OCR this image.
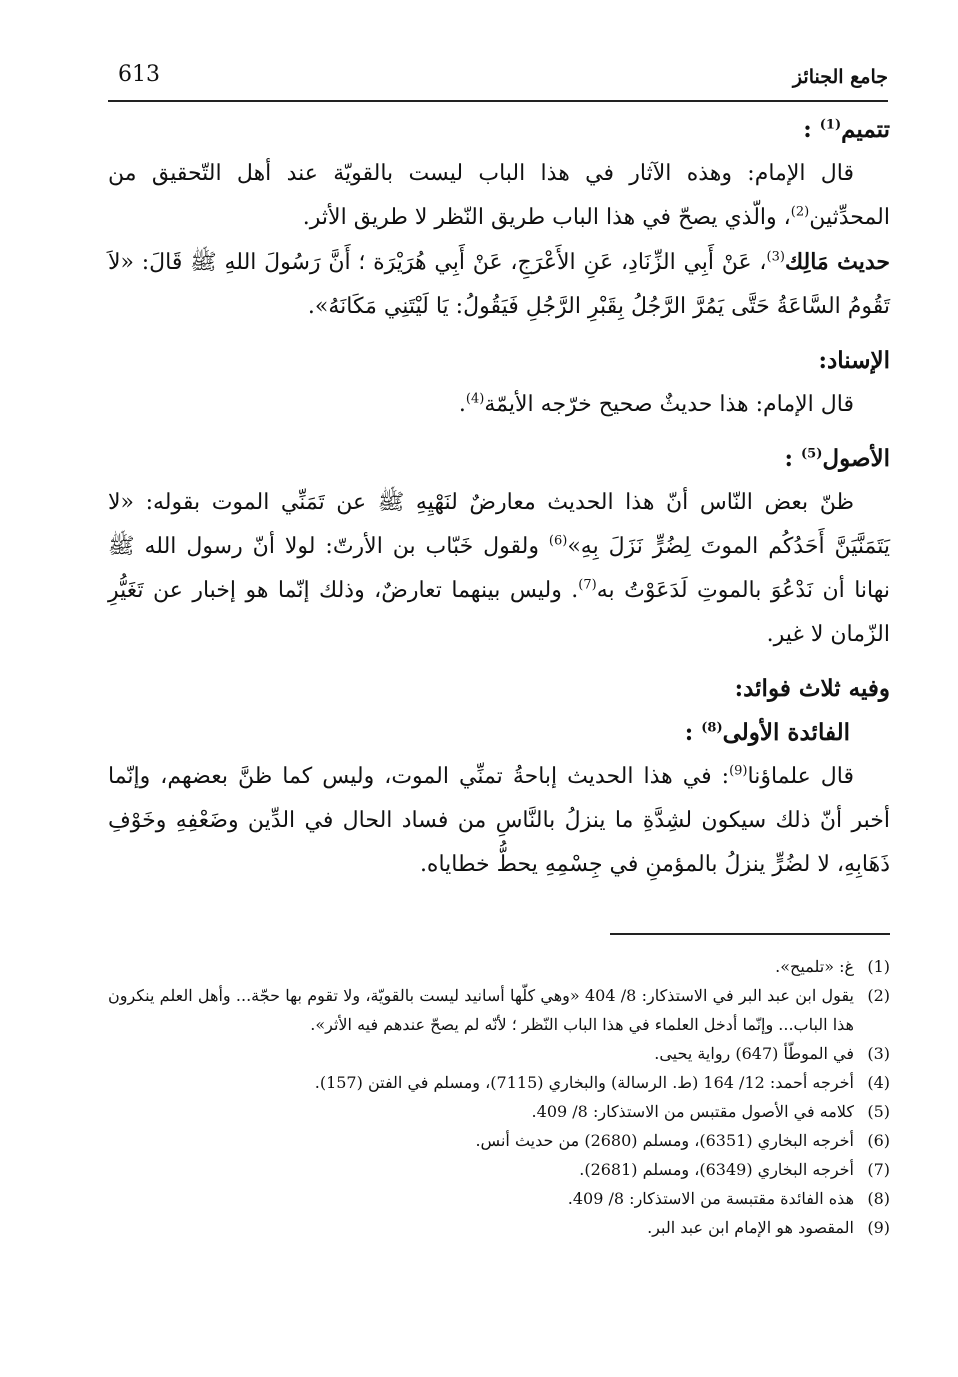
جامع الجنائز
613
تتميم$^{(1)}$ :

قال الإمام: وهذه الآثار في هذا الباب ليست بالقويّة عند أهل التّحقيق من المحدِّثين$^{(2)}$، والّذي يصحّ في هذا الباب طريق النّظر لا طريق الأثر.

حديث مَالِك$^{(3)}$، عَنْ أَبِي الزِّنَادِ، عَنِ الأَعْرَجِ، عَنْ أَبِي هُرَيْرَة ؛ أَنَّ رَسُولَ اللهِ ﷺ قَالَ: «لاَ تَقُومُ السَّاعَةُ حَتَّى يَمُرَّ الرَّجُلُ بِقَبْرِ الرَّجُلِ فَيَقُولُ: يَا لَيْتَنِي مَكَانَهُ».

الإسناد:

قال الإمام: هذا حديثٌ صحيح خرّجه الأيمّة$^{(4)}$.

الأصول$^{(5)}$ :

ظنّ بعض النّاس أنّ هذا الحديث معارضٌ لنَهْيِهِ ﷺ عن تَمَنِّي الموت بقوله: «لا يَتَمَنَّيَنَّ أَحَدُكُم الموتَ لِضُرٍّ نَزَلَ بِهِ»$^{(6)}$ ولقول خَبّاب بن الأرتّ: لولا أنّ رسول الله ﷺ نهانا أن نَدْعُوَ بالموتِ لَدَعَوْتُ به$^{(7)}$. وليس بينهما تعارضٌ، وذلك إنّما هو إخبار عن تَغَيُّرِ الزّمان لا غير.

وفيه ثلاث فوائد:
الفائدة الأولى$^{(8)}$ :

قال علماؤنا$^{(9)}$: في هذا الحديث إباحةُ تمنِّي الموت، وليس كما ظنَّ بعضهم، وإنّما أخبر أنّ ذلك سيكون لشِدَّةِ ما ينزلُ بالنَّاسِ من فساد الحال في الدِّين وضَعْفِهِ وخَوْفِ ذَهَابِهِ، لا لضُرٍّ ينزلُ بالمؤمنِ في جِسْمِهِ يحطُّ خطاياه.

(1)
غ: «تلميح».
(2)
يقول ابن عبد البر في الاستذكار: 8/ 404 «وهي كلّها أسانيد ليست بالقويّة، ولا تقوم بها حجّة... وأهل العلم ينكرون هذا الباب... وإنّما أدخل العلماء في هذا الباب النّظر ؛ لأنّه لم يصحّ عندهم فيه الأثر».
(3)
في الموطّأ (647) رواية يحيى.
(4)
أخرجه أحمد: 12/ 164 (ط. الرسالة) والبخاري (7115)، ومسلم في الفتن (157).
(5)
كلامه في الأصول مقتبس من الاستذكار: 8/ 409.
(6)
أخرجه البخاري (6351)، ومسلم (2680) من حديث أنس.
(7)
أخرجه البخاري (6349)، ومسلم (2681).
(8)
هذه الفائدة مقتبسة من الاستذكار: 8/ 409.
(9)
المقصود هو الإمام ابن عبد البر.
